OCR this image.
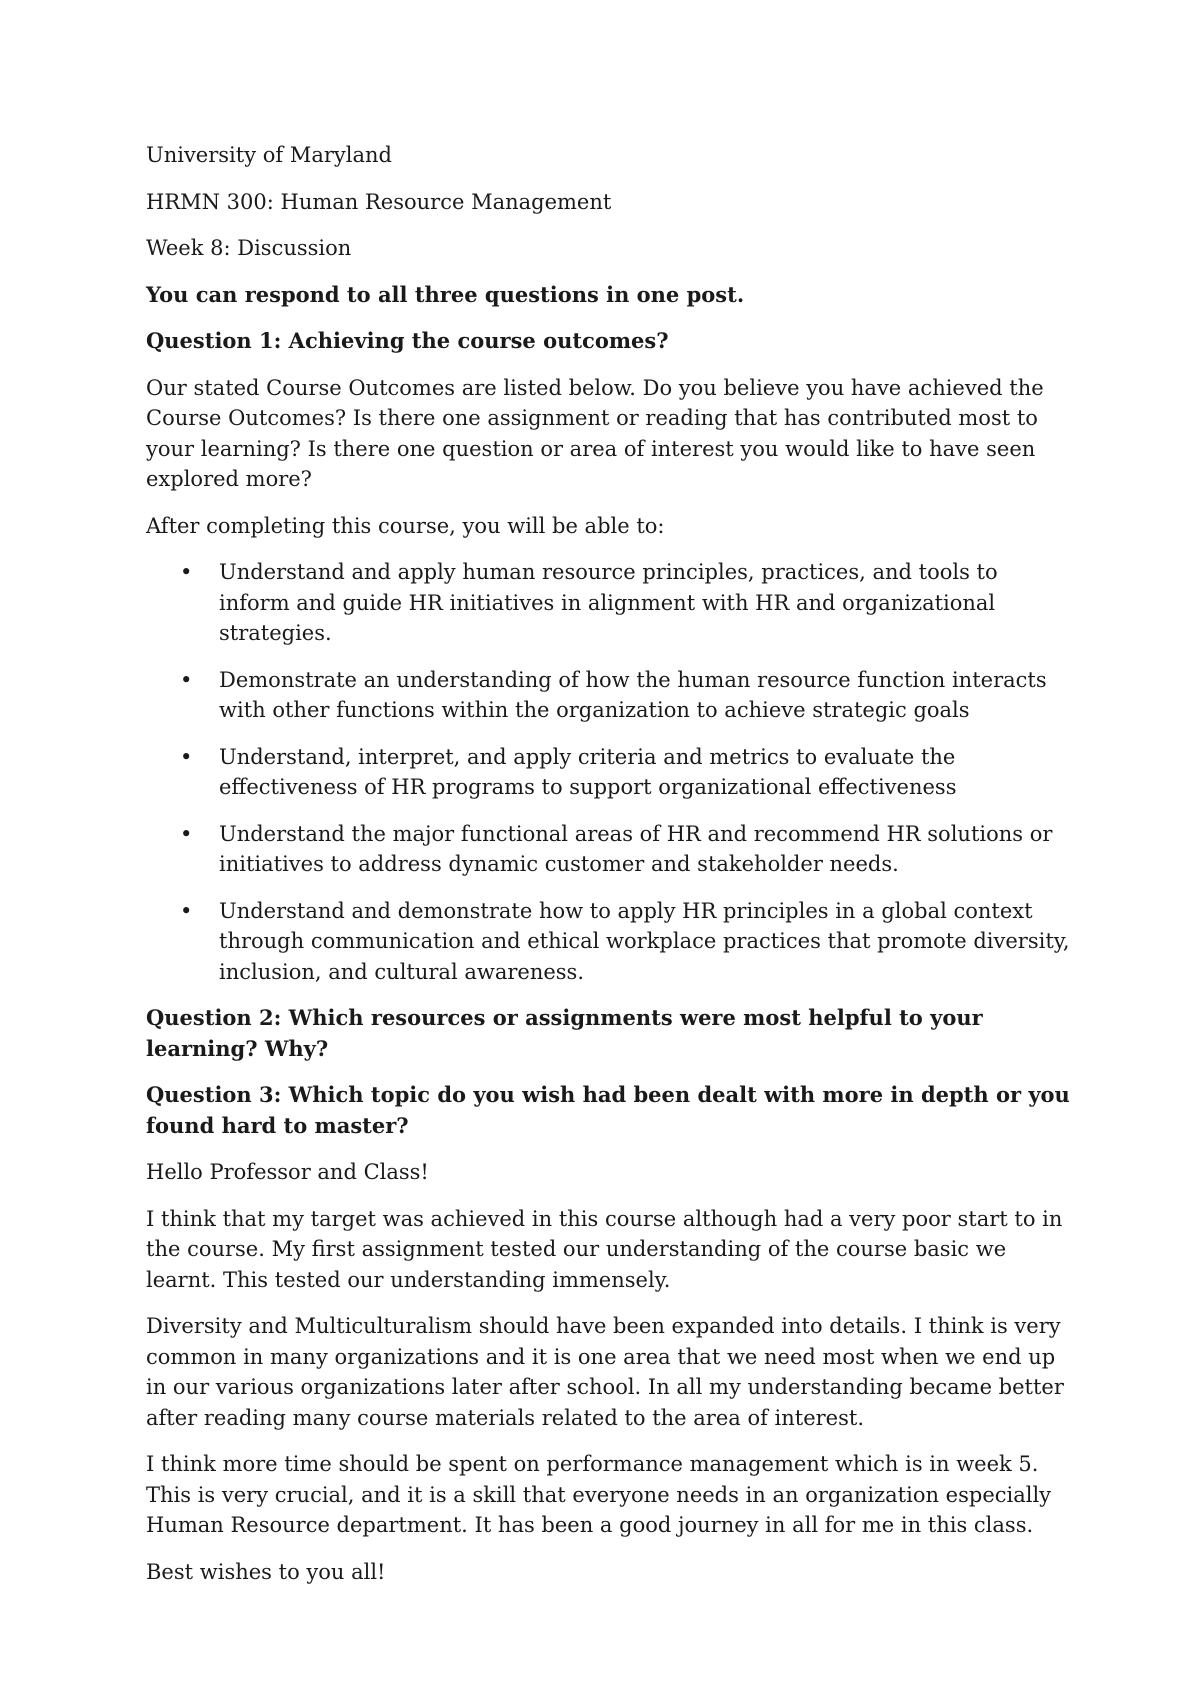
University of Maryland

HRMN 300: Human Resource Management

Week 8: Discussion

You can respond to all three questions in one post.

Question 1: Achieving the course outcomes?

Our stated Course Outcomes are listed below. Do you believe you have achieved the Course Outcomes? Is there one assignment or reading that has contributed most to your learning? Is there one question or area of interest you would like to have seen explored more?

After completing this course, you will be able to:

• Understand and apply human resource principles, practices, and tools to inform and guide HR initiatives in alignment with HR and organizational strategies.
• Demonstrate an understanding of how the human resource function interacts with other functions within the organization to achieve strategic goals
• Understand, interpret, and apply criteria and metrics to evaluate the effectiveness of HR programs to support organizational effectiveness
• Understand the major functional areas of HR and recommend HR solutions or initiatives to address dynamic customer and stakeholder needs.
• Understand and demonstrate how to apply HR principles in a global context through communication and ethical workplace practices that promote diversity, inclusion, and cultural awareness.

Question 2: Which resources or assignments were most helpful to your learning? Why?

Question 3: Which topic do you wish had been dealt with more in depth or you found hard to master?

Hello Professor and Class!

I think that my target was achieved in this course although had a very poor start to in the course. My first assignment tested our understanding of the course basic we learnt. This tested our understanding immensely.

Diversity and Multiculturalism should have been expanded into details. I think is very common in many organizations and it is one area that we need most when we end up in our various organizations later after school. In all my understanding became better after reading many course materials related to the area of interest.

I think more time should be spent on performance management which is in week 5. This is very crucial, and it is a skill that everyone needs in an organization especially Human Resource department. It has been a good journey in all for me in this class.

Best wishes to you all!
